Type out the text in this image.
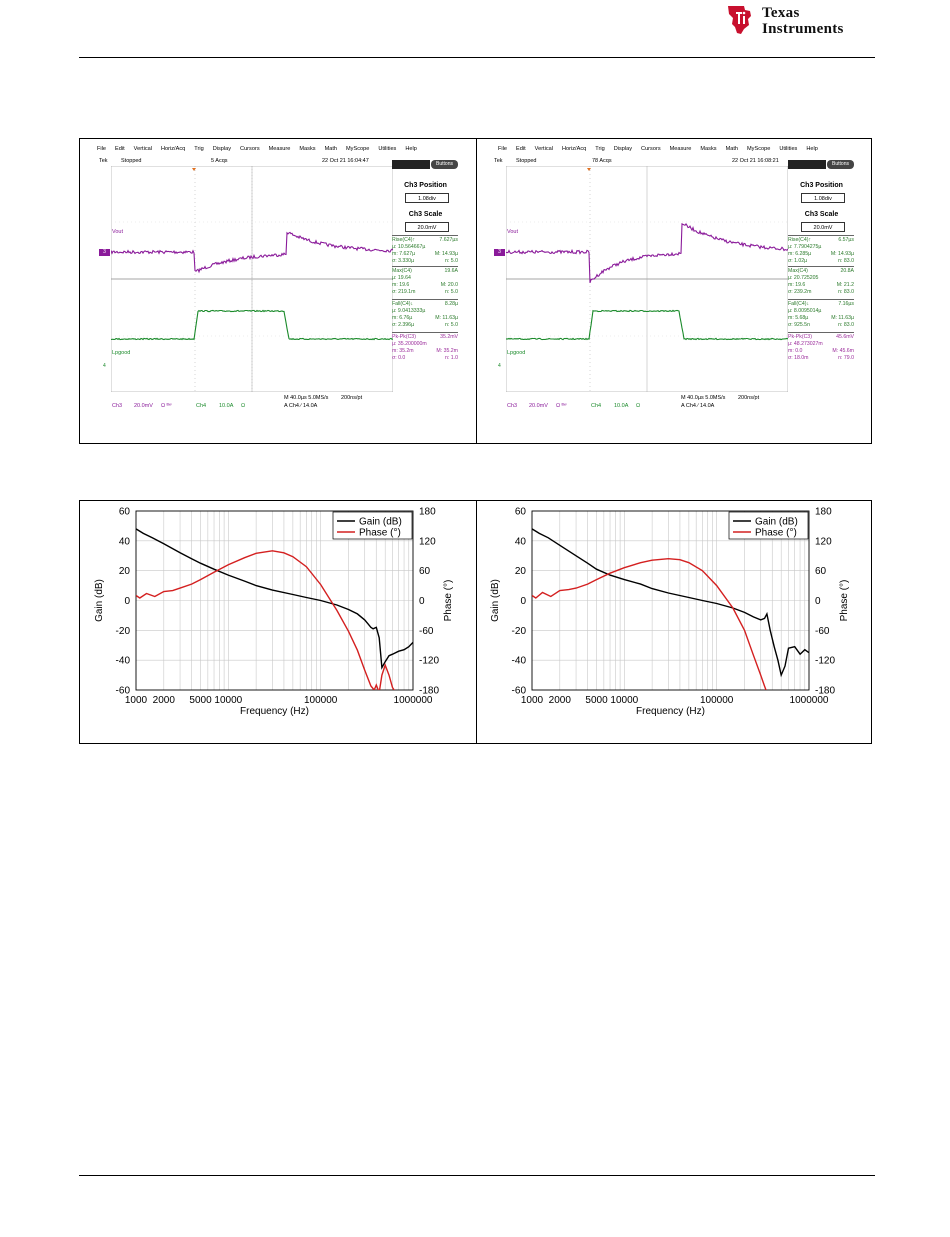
Texas
Instruments
File Edit Vertical Horiz/Acq Trig Display Cursors Measure Masks Math MyScope Utilities Help
Tek Stopped	5 Acqs	22 Oct 21 16:04:47
Vout
Lpgood
3
4
Buttons
Ch3 Position
1.08div
Ch3 Scale
20.0mV
Rise(C4)↑	7.627µs
µ: 10.564667µ
m: 7.627µ	M: 14.93µ
σ: 3.330µ	n: 5.0
Max(C4)	19.6A
µ: 19.64
m: 19.6	M: 20.0
σ: 219.1m	n: 5.0
Fall(C4)↓	8.28µ
µ: 9.0413333µ
m: 6.76µ	M: 11.63µ
σ: 2.396µ	n: 5.0
Pk-Pk(C3)	35.2mV
µ: 35.200000m
m: 35.2m	M: 35.2m
σ: 0.0	n: 1.0
M 40.0µs 5.0MS/s 200ns/pt
Ch3 20.0mV Ω ᴮʷ	Ch4 10.0A Ω	A Ch4 ∕ 14.0A
File Edit Vertical Horiz/Acq Trig Display Cursors Measure Masks Math MyScope Utilities Help
Tek Stopped	78 Acqs	22 Oct 21 16:08:21
Vout
Lpgood
3
4
Buttons
Ch3 Position
1.08div
Ch3 Scale
20.0mV
Rise(C4)↑	6.57µs
µ: 7.7904275µ
m: 6.285µ	M: 14.93µ
σ: 1.02µ	n: 83.0
Max(C4)	20.8A
µ: 20.725205
m: 19.6	M: 21.2
σ: 239.2m	n: 83.0
Fall(C4)↓	7.16µs
µ: 8.0095014µ
m: 5.68µ	M: 11.63µ
σ: 925.5n	n: 83.0
Pk-Pk(C3)	45.6mV
µ: 48.273027m
m: 0.0	M: 45.6m
σ: 18.0m	n: 79.0
M 40.0µs 5.0MS/s 200ns/pt
Ch3 20.0mV Ω ᴮʷ	Ch4 10.0A Ω	A Ch4 ∕ 14.0A
60
40
20
0
-20
-40
-60
180
120
60
0
-60
-120
-180
1000 2000 5000 10000	100000	1000000
Frequency (Hz)
Gain (dB)	Phase (°)
Gain (dB)
Phase (°)
60
40
20
0
-20
-40
-60
180
120
60
0
-60
-120
-180
1000 2000 5000 10000	100000	1000000
Frequency (Hz)
Gain (dB)	Phase (°)
Gain (dB)
Phase (°)
